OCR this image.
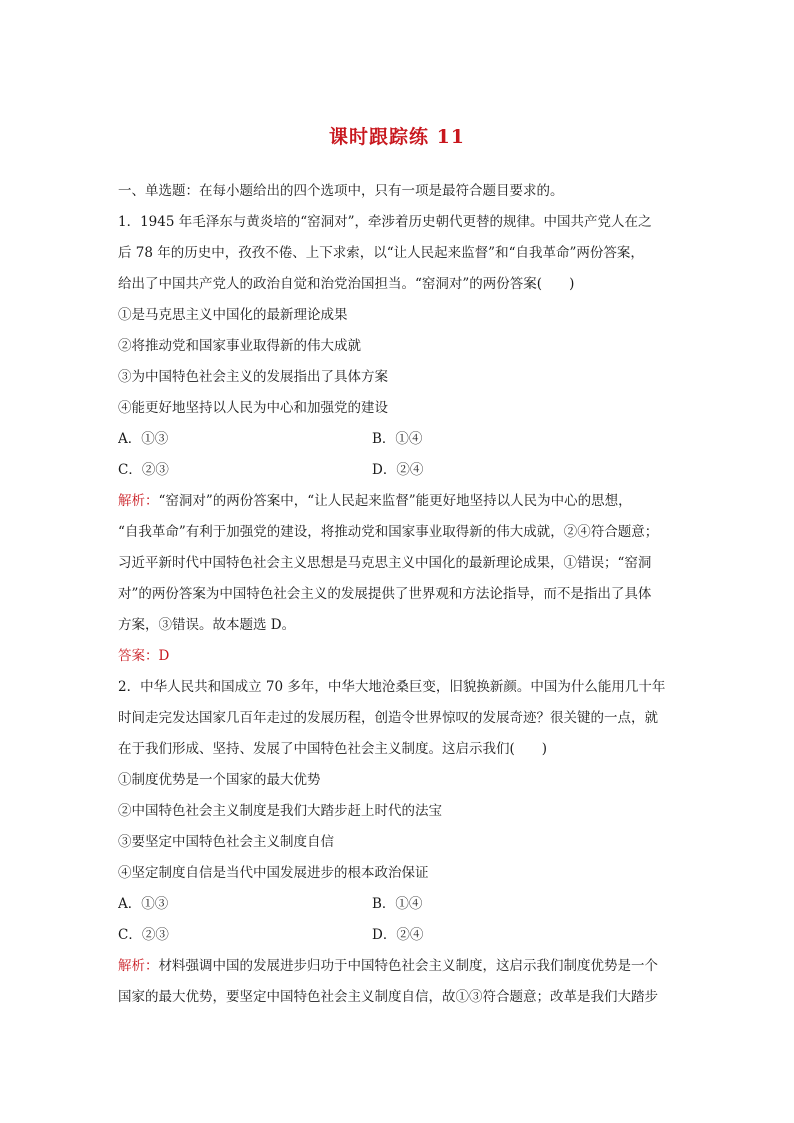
课时跟踪练 11
一、单选题：在每小题给出的四个选项中，只有一项是最符合题目要求的。
1．1945 年毛泽东与黄炎培的“窑洞对”，牵涉着历史朝代更替的规律。中国共产党人在之
后 78 年的历史中，孜孜不倦、上下求索，以“让人民起来监督”和“自我革命”两份答案，
给出了中国共产党人的政治自觉和治党治国担当。“窑洞对”的两份答案(　　)
①是马克思主义中国化的最新理论成果
②将推动党和国家事业取得新的伟大成就
③为中国特色社会主义的发展指出了具体方案
④能更好地坚持以人民为中心和加强党的建设
A．①③	B．①④
C．②③	D．②④
解析：“窑洞对”的两份答案中，“让人民起来监督”能更好地坚持以人民为中心的思想，
“自我革命”有利于加强党的建设，将推动党和国家事业取得新的伟大成就，②④符合题意；
习近平新时代中国特色社会主义思想是马克思主义中国化的最新理论成果，①错误；“窑洞
对”的两份答案为中国特色社会主义的发展提供了世界观和方法论指导，而不是指出了具体
方案，③错误。故本题选 D。
答案：D
2．中华人民共和国成立 70 多年，中华大地沧桑巨变，旧貌换新颜。中国为什么能用几十年
时间走完发达国家几百年走过的发展历程，创造令世界惊叹的发展奇迹？很关键的一点，就
在于我们形成、坚持、发展了中国特色社会主义制度。这启示我们(　　)
①制度优势是一个国家的最大优势
②中国特色社会主义制度是我们大踏步赶上时代的法宝
③要坚定中国特色社会主义制度自信
④坚定制度自信是当代中国发展进步的根本政治保证
A．①③	B．①④
C．②③	D．②④
解析：材料强调中国的发展进步归功于中国特色社会主义制度，这启示我们制度优势是一个
国家的最大优势，要坚定中国特色社会主义制度自信，故①③符合题意；改革是我们大踏步
